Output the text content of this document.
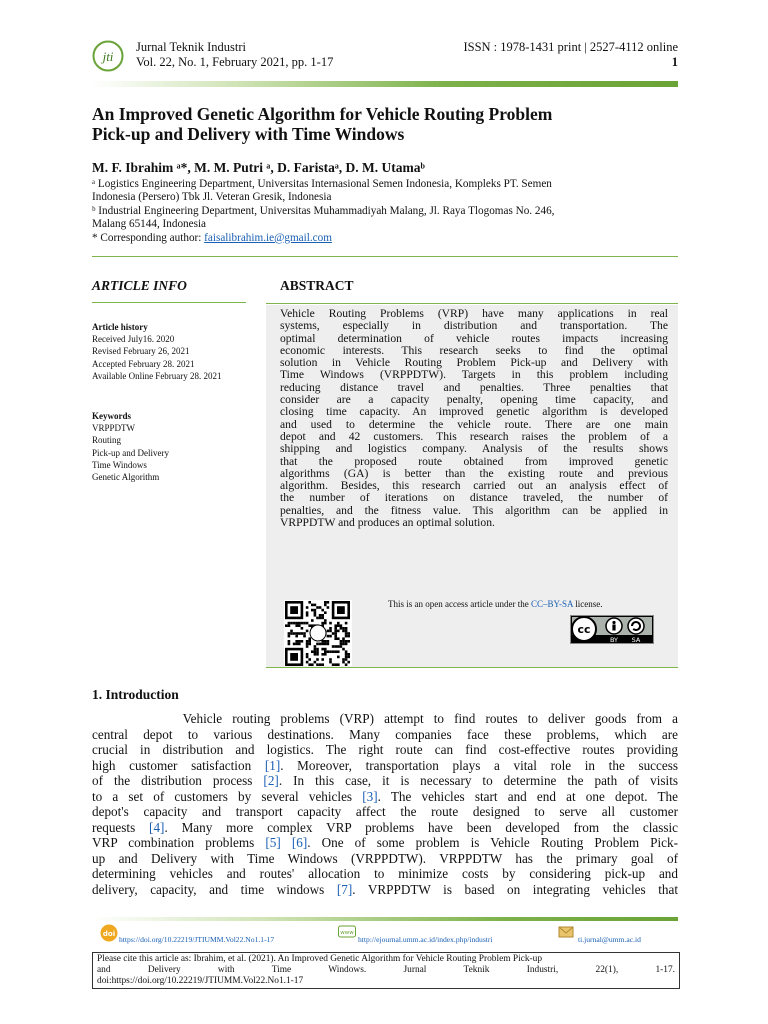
jti
Jurnal Teknik Industri
Vol. 22, No. 1, February 2021, pp. 1-17
ISSN : 1978-1431 print | 2527-4112 online
1
An Improved Genetic Algorithm for Vehicle Routing Problem
Pick-up and Delivery with Time Windows
M. F. Ibrahim ᵃ*, M. M. Putri ᵃ, D. Faristaᵃ, D. M. Utamaᵇ
ᵃ Logistics Engineering Department, Universitas Internasional Semen Indonesia, Kompleks PT. Semen
Indonesia (Persero) Tbk Jl. Veteran Gresik, Indonesia
ᵇ Industrial Engineering Department, Universitas Muhammadiyah Malang, Jl. Raya Tlogomas No. 246,
Malang 65144, Indonesia
* Corresponding author: faisalibrahim.ie@gmail.com
ARTICLE INFO
Article history
Received July16. 2020
Revised February 26, 2021
Accepted February 28. 2021
Available Online February 28. 2021
Keywords
VRPPDTW
Routing
Pick-up and Delivery
Time Windows
Genetic Algorithm
ABSTRACT
Vehicle Routing Problems (VRP) have many applications in real
systems, especially in distribution and transportation. The
optimal determination of vehicle routes impacts increasing
economic interests. This research seeks to find the optimal
solution in Vehicle Routing Problem Pick-up and Delivery with
Time Windows (VRPPDTW). Targets in this problem including
reducing distance travel and penalties. Three penalties that
consider are a capacity penalty, opening time capacity, and
closing time capacity. An improved genetic algorithm is developed
and used to determine the vehicle route. There are one main
depot and 42 customers. This research raises the problem of a
shipping and logistics company. Analysis of the results shows
that the proposed route obtained from improved genetic
algorithms (GA) is better than the existing route and previous
algorithm. Besides, this research carried out an analysis effect of
the number of iterations on distance traveled, the number of
penalties, and the fitness value. This algorithm can be applied in
VRPPDTW and produces an optimal solution.
This is an open access article under the CC–BY-SA license.
cc
BY SA
1. Introduction
Vehicle routing problems (VRP) attempt to find routes to deliver goods from a
central depot to various destinations. Many companies face these problems, which are
crucial in distribution and logistics. The right route can find cost-effective routes providing
high customer satisfaction [1]. Moreover, transportation plays a vital role in the success
of the distribution process [2]. In this case, it is necessary to determine the path of visits
to a set of customers by several vehicles [3]. The vehicles start and end at one depot. The
depot's capacity and transport capacity affect the route designed to serve all customer
requests [4]. Many more complex VRP problems have been developed from the classic
VRP combination problems [5] [6]. One of some problem is Vehicle Routing Problem Pick-
up and Delivery with Time Windows (VRPPDTW). VRPPDTW has the primary goal of
determining vehicles and routes' allocation to minimize costs by considering pick-up and
delivery, capacity, and time windows [7]. VRPPDTW is based on integrating vehicles that
doi
https://doi.org/10.22219/JTIUMM.Vol22.No1.1-17
www
http://ejournal.umm.ac.id/index.php/industri	ti.jurnal@umm.ac.id
Please cite this article as: Ibrahim, et al. (2021). An Improved Genetic Algorithm for Vehicle Routing Problem Pick-up
and Delivery with Time Windows. Jurnal Teknik Industri, 22(1), 1-17.
doi:https://doi.org/10.22219/JTIUMM.Vol22.No1.1-17
